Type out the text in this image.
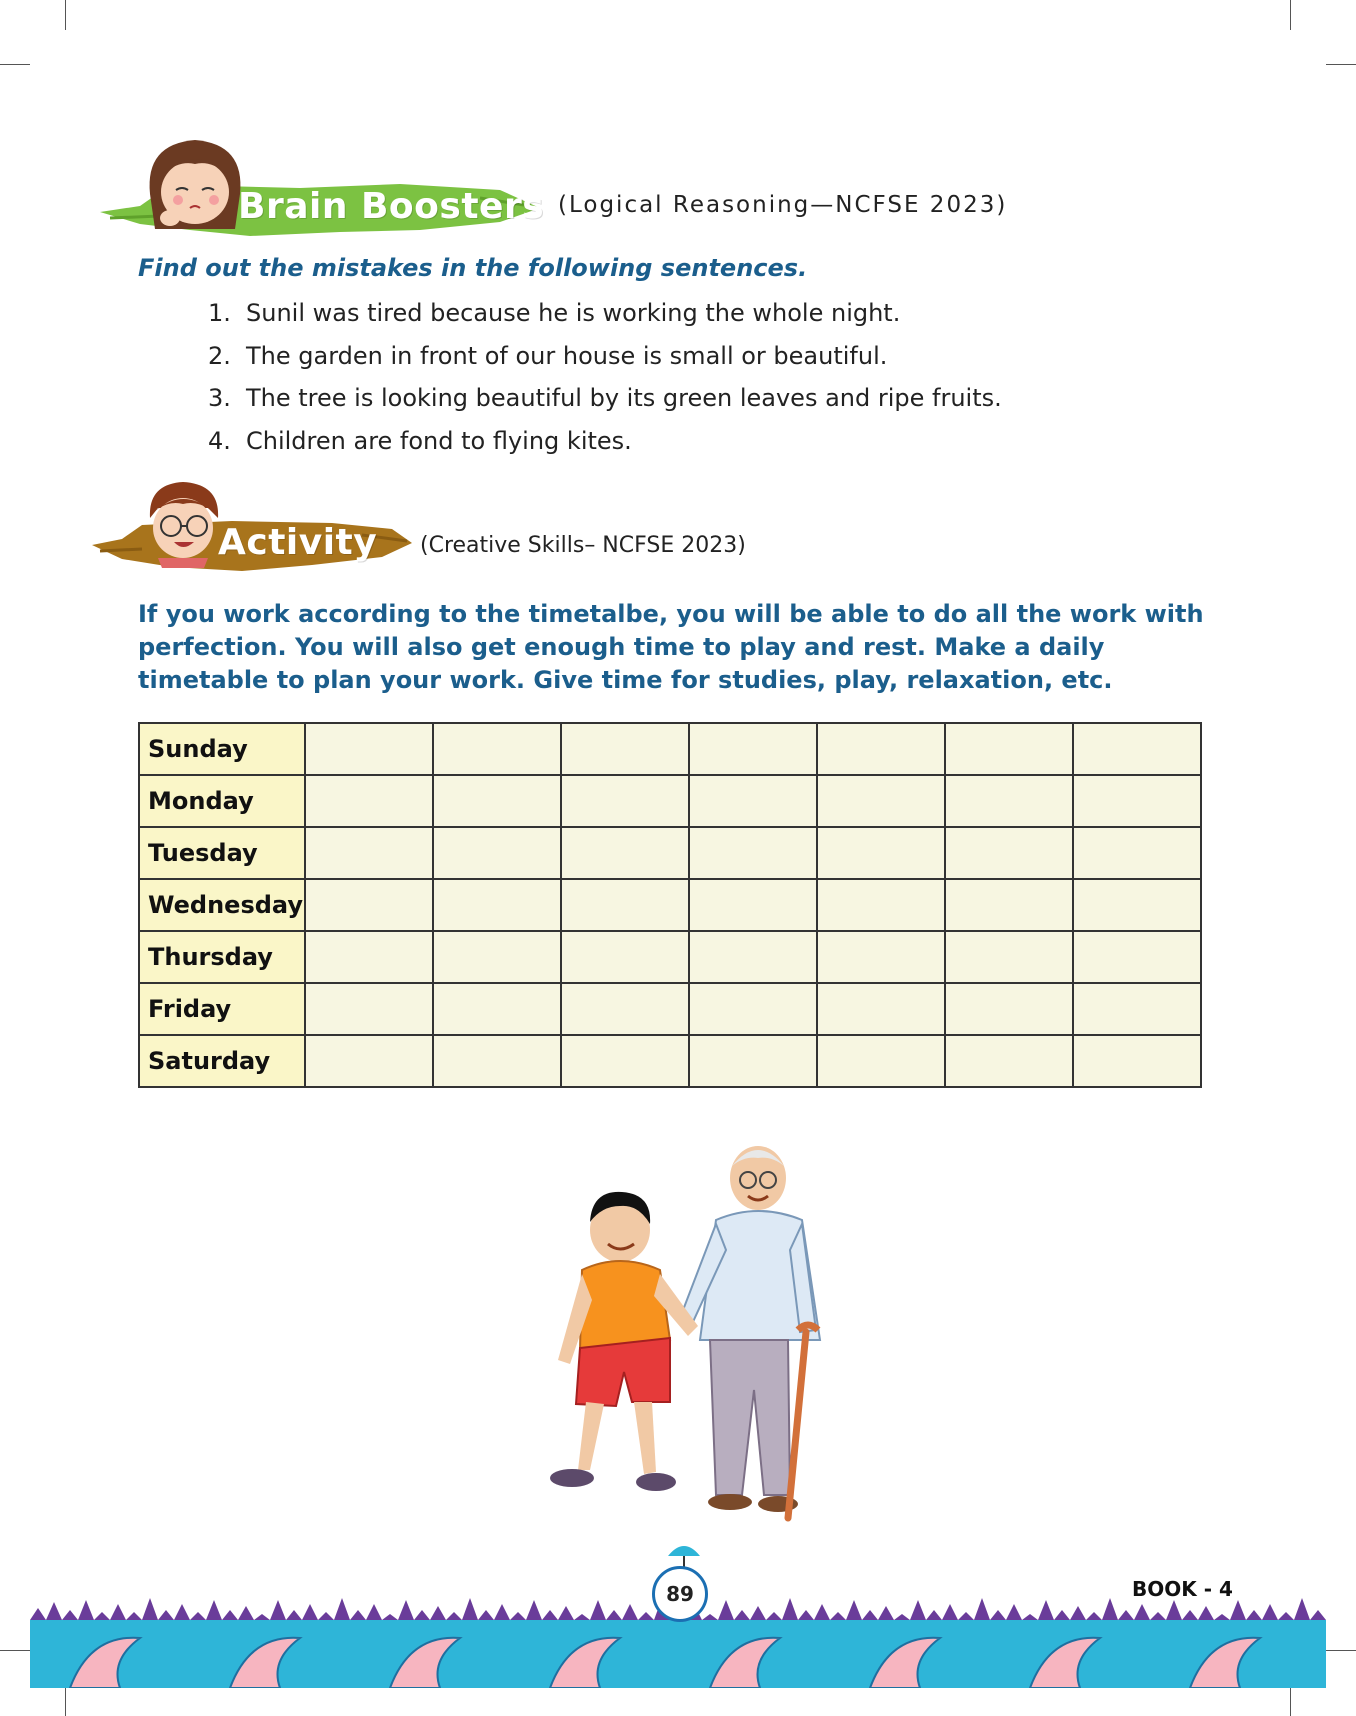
Brain Boosters (Logical Reasoning—NCFSE 2023)
Find out the mistakes in the following sentences.
1. Sunil was tired because he is working the whole night.
2. The garden in front of our house is small or beautiful.
3. The tree is looking beautiful by its green leaves and ripe fruits.
4. Children are fond to flying kites.
Activity (Creative Skills– NCFSE 2023)
If you work according to the timetalbe, you will be able to do all the work with perfection. You will also get enough time to play and rest. Make a daily timetable to plan your work. Give time for studies, play, relaxation, etc.
Sunday							
Monday							
Tuesday							
Wednesday							
Thursday							
Friday							
Saturday							
89	BOOK - 4
